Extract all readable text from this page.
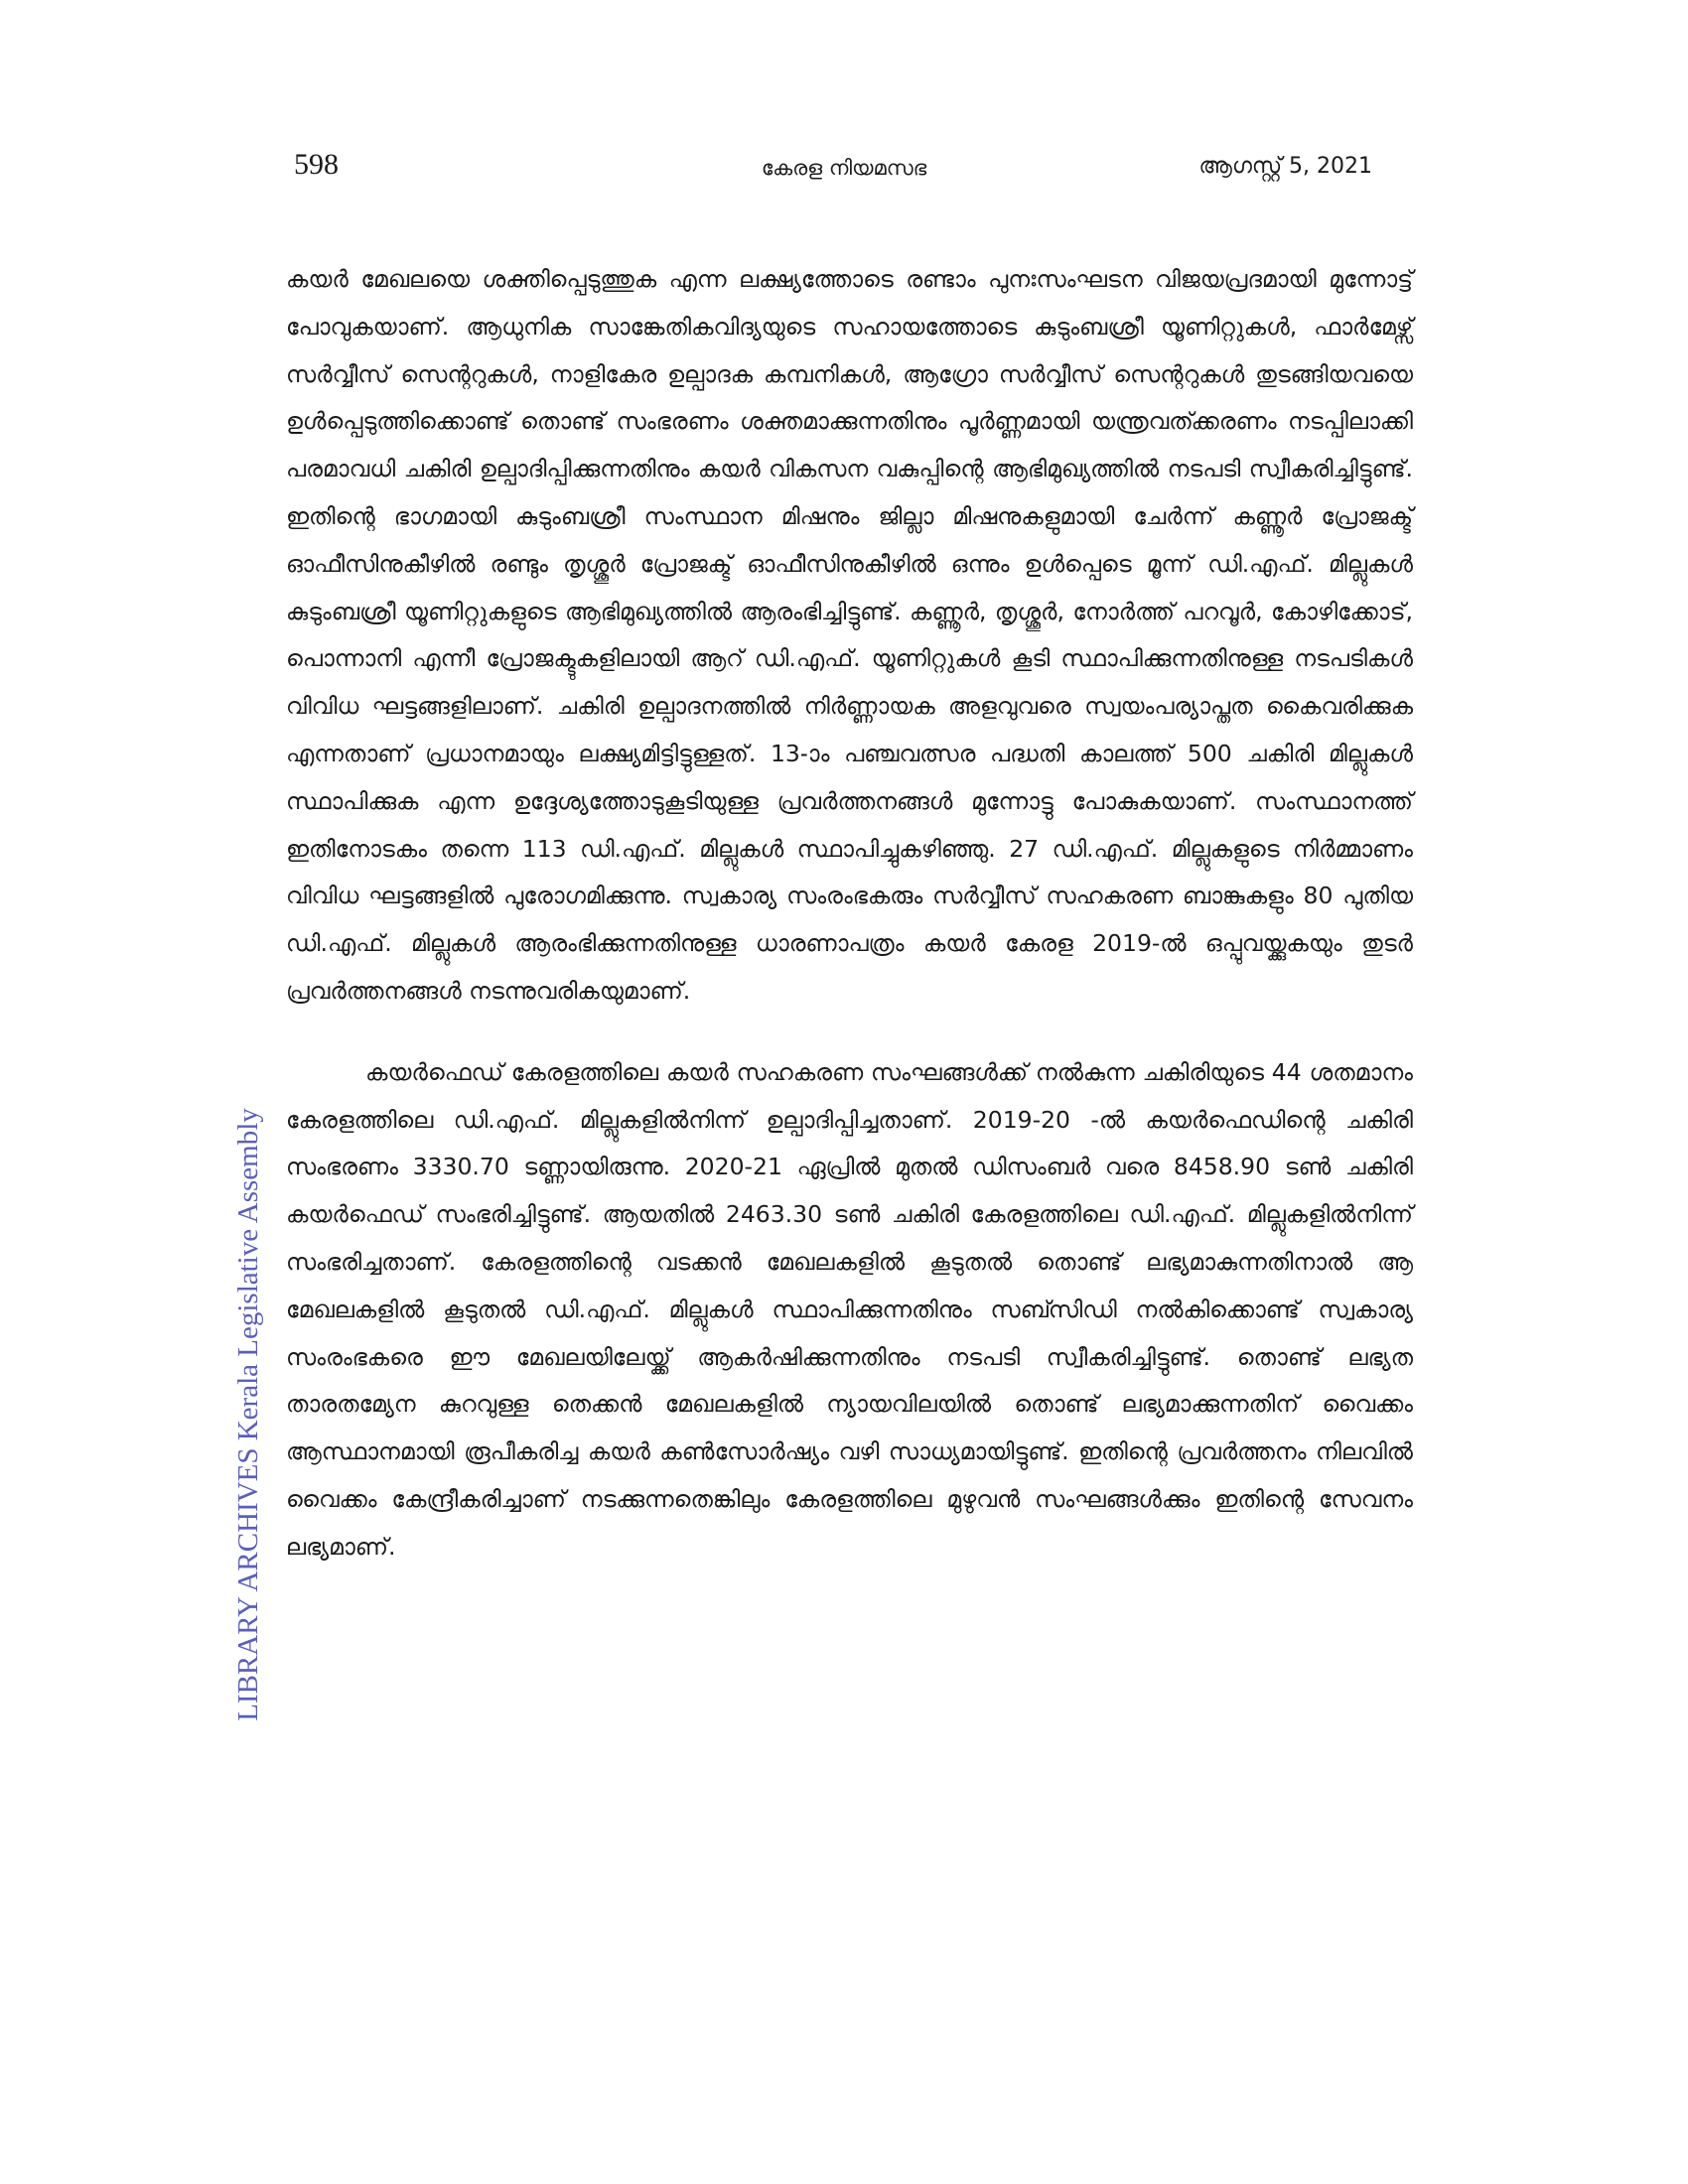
598	കേരള നിയമസഭ	ആഗസ്റ്റ് 5, 2021
LIBRARY ARCHIVES Kerala Legislative Assembly

കയർ മേഖലയെ ശക്തിപ്പെടുത്തുക എന്ന ലക്ഷ്യത്തോടെ രണ്ടാം പുനഃസംഘടന വിജയപ്രദമായി മുന്നോട്ട് പോവുകയാണ്. ആധുനിക സാങ്കേതികവിദ്യയുടെ സഹായത്തോടെ കുടുംബശ്രീ യൂണിറ്റുകൾ, ഫാർമേഴ്സ് സർവ്വീസ് സെന്ററുകൾ, നാളികേര ഉല്പാദക കമ്പനികൾ, ആഗ്രോ സർവ്വീസ് സെന്ററുകൾ തുടങ്ങിയവയെ ഉൾപ്പെടുത്തിക്കൊണ്ട് തൊണ്ട് സംഭരണം ശക്തമാക്കുന്നതിനും പൂർണ്ണമായി യന്ത്രവത്ക്കരണം നടപ്പിലാക്കി പരമാവധി ചകിരി ഉല്പാദിപ്പിക്കുന്നതിനും കയർ വികസന വകുപ്പിന്റെ ആഭിമുഖ്യത്തിൽ നടപടി സ്വീകരിച്ചിട്ടുണ്ട്. ഇതിന്റെ ഭാഗമായി കുടുംബശ്രീ സംസ്ഥാന മിഷനും ജില്ലാ മിഷനുകളുമായി ചേർന്ന് കണ്ണൂർ പ്രോജക്ട് ഓഫീസിനുകീഴിൽ രണ്ടും തൃശ്ശൂർ പ്രോജക്ട് ഓഫീസിനുകീഴിൽ ഒന്നും ഉൾപ്പെടെ മൂന്ന് ഡി.എഫ്. മില്ലുകൾ കുടുംബശ്രീ യൂണിറ്റുകളുടെ ആഭിമുഖ്യത്തിൽ ആരംഭിച്ചിട്ടുണ്ട്. കണ്ണൂർ, തൃശ്ശൂർ, നോർത്ത് പറവൂർ, കോഴിക്കോട്, പൊന്നാനി എന്നീ പ്രോജക്ടുകളിലായി ആറ് ഡി.എഫ്. യൂണിറ്റുകൾ കൂടി സ്ഥാപിക്കുന്നതിനുള്ള നടപടികൾ വിവിധ ഘട്ടങ്ങളിലാണ്. ചകിരി ഉല്പാദനത്തിൽ നിർണ്ണായക അളവുവരെ സ്വയംപര്യാപ്തത കൈവരിക്കുക എന്നതാണ് പ്രധാനമായും ലക്ഷ്യമിട്ടിട്ടുള്ളത്. 13-ാം പഞ്ചവത്സര പദ്ധതി കാലത്ത് 500 ചകിരി മില്ലുകൾ സ്ഥാപിക്കുക എന്ന ഉദ്ദേശ്യത്തോടുകൂടിയുള്ള പ്രവർത്തനങ്ങൾ മുന്നോട്ടു പോകുകയാണ്. സംസ്ഥാനത്ത് ഇതിനോടകം തന്നെ 113 ഡി.എഫ്. മില്ലുകൾ സ്ഥാപിച്ചുകഴിഞ്ഞു. 27 ഡി.എഫ്. മില്ലുകളുടെ നിർമ്മാണം വിവിധ ഘട്ടങ്ങളിൽ പുരോഗമിക്കുന്നു. സ്വകാര്യ സംരംഭകരും സർവ്വീസ് സഹകരണ ബാങ്കുകളും 80 പുതിയ ഡി.എഫ്. മില്ലുകൾ ആരംഭിക്കുന്നതിനുള്ള ധാരണാപത്രം കയർ കേരള 2019-ൽ ഒപ്പുവയ്ക്കുകയും തുടർ പ്രവർത്തനങ്ങൾ നടന്നുവരികയുമാണ്.

കയർഫെഡ് കേരളത്തിലെ കയർ സഹകരണ സംഘങ്ങൾക്ക് നൽകുന്ന ചകിരിയുടെ 44 ശതമാനം കേരളത്തിലെ ഡി.എഫ്. മില്ലുകളിൽനിന്ന് ഉല്പാദിപ്പിച്ചതാണ്. 2019-20 -ൽ കയർഫെഡിന്റെ ചകിരി സംഭരണം 3330.70 ടണ്ണായിരുന്നു. 2020-21 ഏപ്രിൽ മുതൽ ഡിസംബർ വരെ 8458.90 ടൺ ചകിരി കയർഫെഡ് സംഭരിച്ചിട്ടുണ്ട്. ആയതിൽ 2463.30 ടൺ ചകിരി കേരളത്തിലെ ഡി.എഫ്. മില്ലുകളിൽനിന്ന് സംഭരിച്ചതാണ്. കേരളത്തിന്റെ വടക്കൻ മേഖലകളിൽ കൂടുതൽ തൊണ്ട് ലഭ്യമാകുന്നതിനാൽ ആ മേഖലകളിൽ കൂടുതൽ ഡി.എഫ്. മില്ലുകൾ സ്ഥാപിക്കുന്നതിനും സബ്സിഡി നൽകിക്കൊണ്ട് സ്വകാര്യ സംരംഭകരെ ഈ മേഖലയിലേയ്ക്ക് ആകർഷിക്കുന്നതിനും നടപടി സ്വീകരിച്ചിട്ടുണ്ട്. തൊണ്ട് ലഭ്യത താരതമ്യേന കുറവുള്ള തെക്കൻ മേഖലകളിൽ ന്യായവിലയിൽ തൊണ്ട് ലഭ്യമാക്കുന്നതിന് വൈക്കം ആസ്ഥാനമായി രൂപീകരിച്ച കയർ കൺസോർഷ്യം വഴി സാധ്യമായിട്ടുണ്ട്. ഇതിന്റെ പ്രവർത്തനം നിലവിൽ വൈക്കം കേന്ദ്രീകരിച്ചാണ് നടക്കുന്നതെങ്കിലും കേരളത്തിലെ മുഴുവൻ സംഘങ്ങൾക്കും ഇതിന്റെ സേവനം ലഭ്യമാണ്.
